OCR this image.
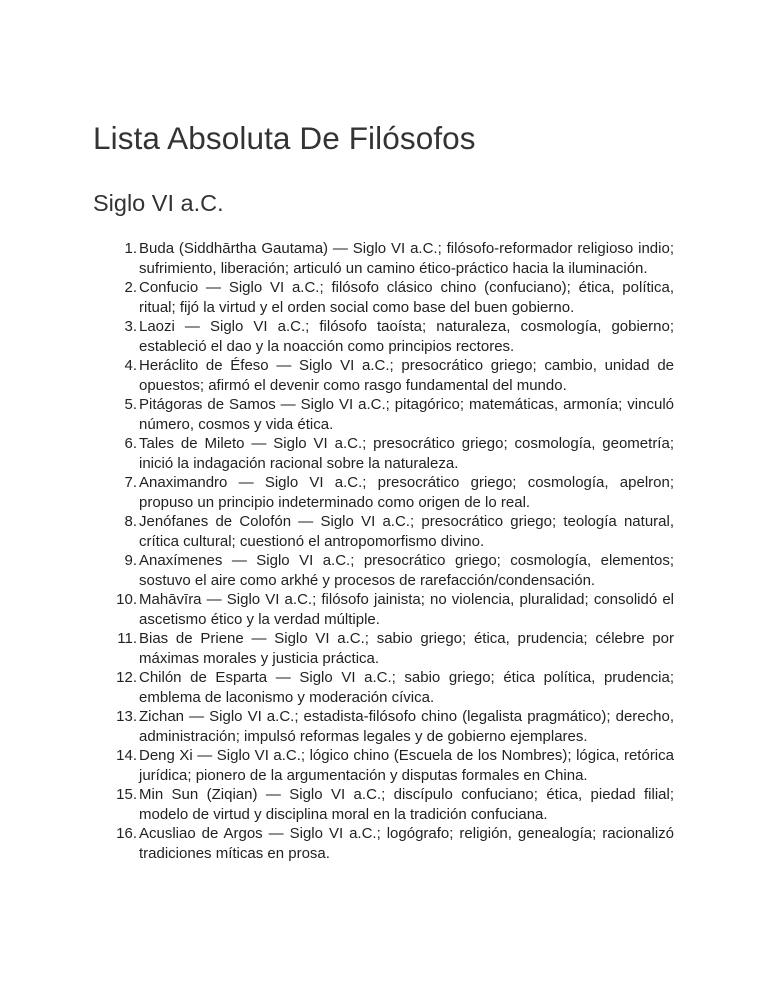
Lista Absoluta De Filósofos
Siglo VI a.C.
1. Buda (Siddhārtha Gautama) — Siglo VI a.C.; filósofo-reformador religioso indio; sufrimiento, liberación; articuló un camino ético-práctico hacia la iluminación.
2. Confucio — Siglo VI a.C.; filósofo clásico chino (confuciano); ética, política, ritual; fijó la virtud y el orden social como base del buen gobierno.
3. Laozi — Siglo VI a.C.; filósofo taoísta; naturaleza, cosmología, gobierno; estableció el dao y la noacción como principios rectores.
4. Heráclito de Éfeso — Siglo VI a.C.; presocrático griego; cambio, unidad de opuestos; afirmó el devenir como rasgo fundamental del mundo.
5. Pitágoras de Samos — Siglo VI a.C.; pitagórico; matemáticas, armonía; vinculó número, cosmos y vida ética.
6. Tales de Mileto — Siglo VI a.C.; presocrático griego; cosmología, geometría; inició la indagación racional sobre la naturaleza.
7. Anaximandro — Siglo VI a.C.; presocrático griego; cosmología, apelron; propuso un principio indeterminado como origen de lo real.
8. Jenófanes de Colofón — Siglo VI a.C.; presocrático griego; teología natural, crítica cultural; cuestionó el antropomorfismo divino.
9. Anaxímenes — Siglo VI a.C.; presocrático griego; cosmología, elementos; sostuvo el aire como arkhé y procesos de rarefacción/condensación.
10. Mahāvīra — Siglo VI a.C.; filósofo jainista; no violencia, pluralidad; consolidó el ascetismo ético y la verdad múltiple.
11. Bias de Priene — Siglo VI a.C.; sabio griego; ética, prudencia; célebre por máximas morales y justicia práctica.
12. Chilón de Esparta — Siglo VI a.C.; sabio griego; ética política, prudencia; emblema de laconismo y moderación cívica.
13. Zichan — Siglo VI a.C.; estadista-filósofo chino (legalista pragmático); derecho, administración; impulsó reformas legales y de gobierno ejemplares.
14. Deng Xi — Siglo VI a.C.; lógico chino (Escuela de los Nombres); lógica, retórica jurídica; pionero de la argumentación y disputas formales en China.
15. Min Sun (Ziqian) — Siglo VI a.C.; discípulo confuciano; ética, piedad filial; modelo de virtud y disciplina moral en la tradición confuciana.
16. Acusliao de Argos — Siglo VI a.C.; logógrafo; religión, genealogía; racionalizó tradiciones míticas en prosa.
